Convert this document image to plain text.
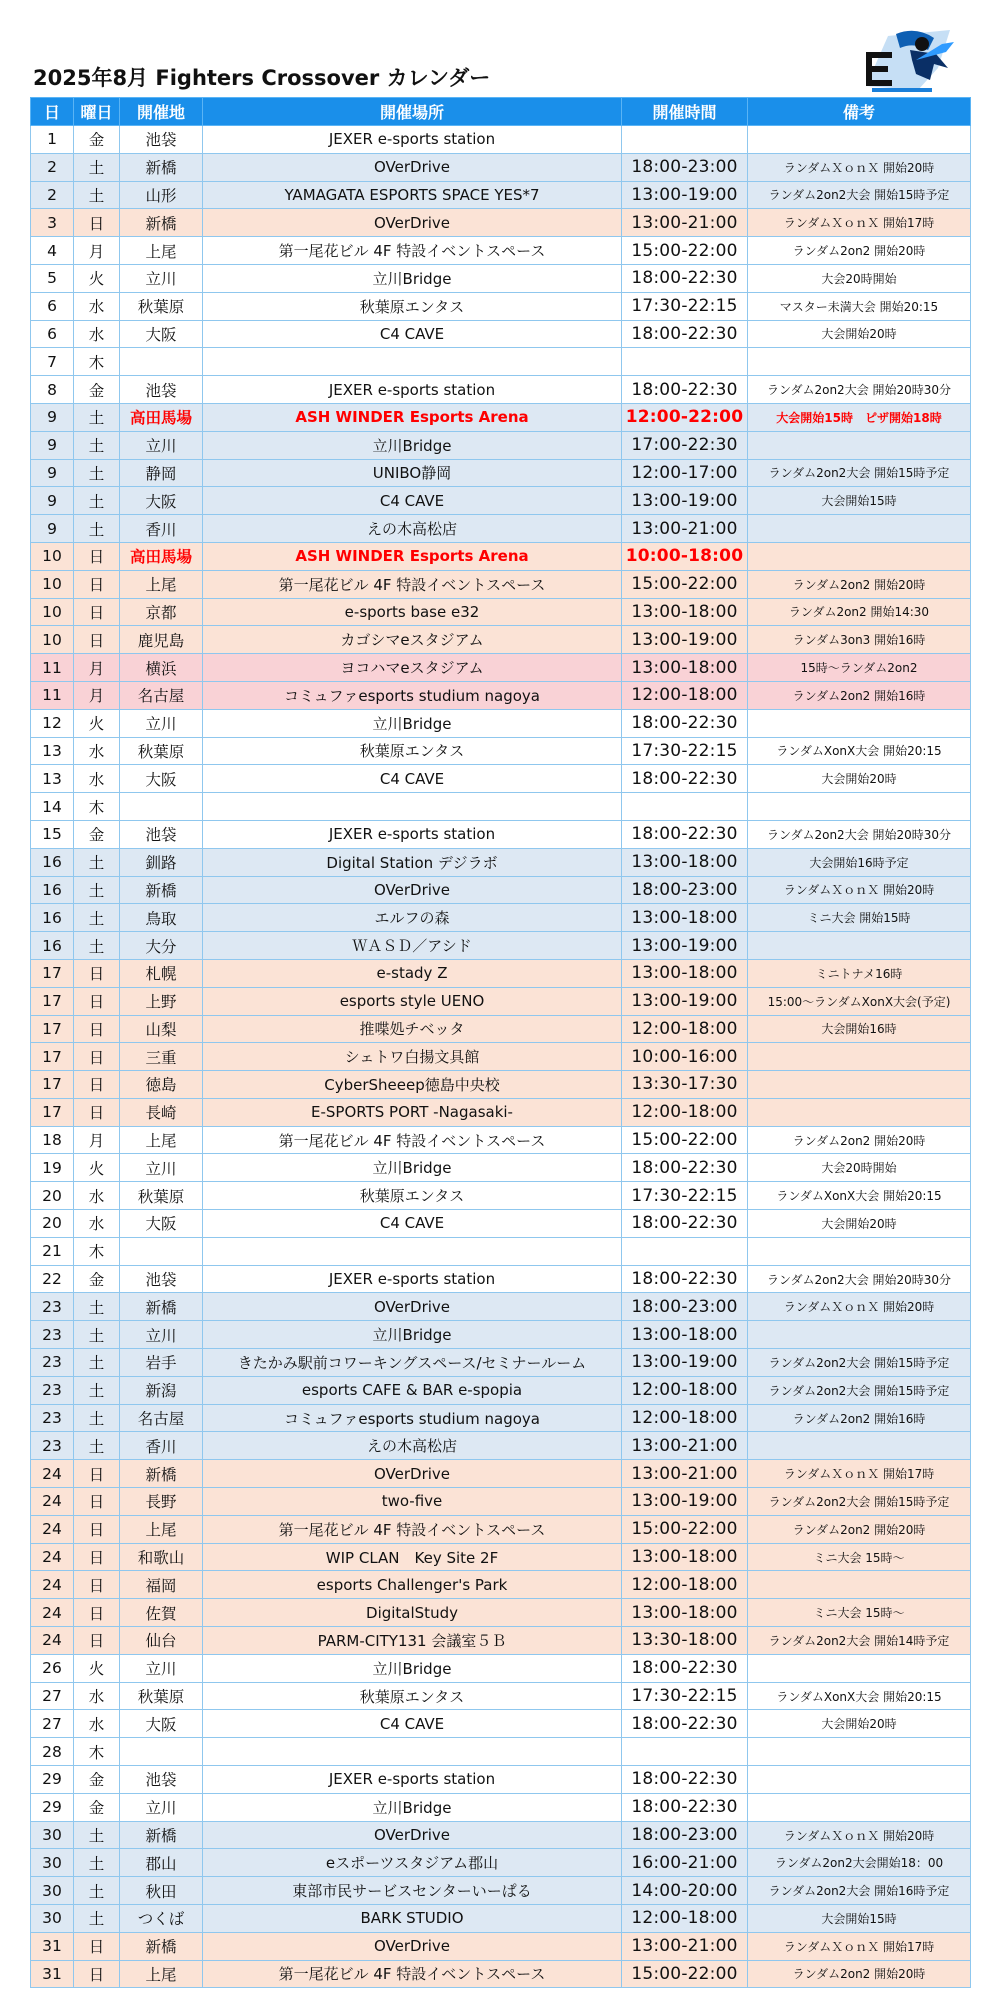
2025年8月 Fighters Crossover カレンダー
日	曜日	開催地	開催場所	開催時間	備考
1	金	池袋	JEXER e-sports station		
2	土	新橋	OVerDrive	18:00-23:00	ランダムＸｏｎＸ 開始20時
2	土	山形	YAMAGATA ESPORTS SPACE YES*7	13:00-19:00	ランダム2on2大会 開始15時予定
3	日	新橋	OVerDrive	13:00-21:00	ランダムＸｏｎＸ 開始17時
4	月	上尾	第一尾花ビル 4F 特設イベントスペース	15:00-22:00	ランダム2on2 開始20時
5	火	立川	立川Bridge	18:00-22:30	大会20時開始
6	水	秋葉原	秋葉原エンタス	17:30-22:15	マスター未満大会 開始20:15
6	水	大阪	C4 CAVE	18:00-22:30	大会開始20時
7	木				
8	金	池袋	JEXER e-sports station	18:00-22:30	ランダム2on2大会 開始20時30分
9	土	高田馬場	ASH WINDER Esports Arena	12:00-22:00	大会開始15時　ピザ開始18時
9	土	立川	立川Bridge	17:00-22:30	
9	土	静岡	UNIBO静岡	12:00-17:00	ランダム2on2大会 開始15時予定
9	土	大阪	C4 CAVE	13:00-19:00	大会開始15時
9	土	香川	えの木高松店	13:00-21:00	
10	日	高田馬場	ASH WINDER Esports Arena	10:00-18:00	
10	日	上尾	第一尾花ビル 4F 特設イベントスペース	15:00-22:00	ランダム2on2 開始20時
10	日	京都	e-sports base e32	13:00-18:00	ランダム2on2 開始14:30
10	日	鹿児島	カゴシマeスタジアム	13:00-19:00	ランダム3on3 開始16時
11	月	横浜	ヨコハマeスタジアム	13:00-18:00	15時～ランダム2on2
11	月	名古屋	コミュファesports studium nagoya	12:00-18:00	ランダム2on2 開始16時
12	火	立川	立川Bridge	18:00-22:30	
13	水	秋葉原	秋葉原エンタス	17:30-22:15	ランダムXonX大会 開始20:15
13	水	大阪	C4 CAVE	18:00-22:30	大会開始20時
14	木				
15	金	池袋	JEXER e-sports station	18:00-22:30	ランダム2on2大会 開始20時30分
16	土	釧路	Digital Station デジラボ	13:00-18:00	大会開始16時予定
16	土	新橋	OVerDrive	18:00-23:00	ランダムＸｏｎＸ 開始20時
16	土	鳥取	エルフの森	13:00-18:00	ミニ大会 開始15時
16	土	大分	ＷＡＳＤ／アシド	13:00-19:00	
17	日	札幌	e-stady Z	13:00-18:00	ミニトナメ16時
17	日	上野	esports style UENO	13:00-19:00	15:00～ランダムXonX大会(予定)
17	日	山梨	推喋処チベッタ	12:00-18:00	大会開始16時
17	日	三重	シェトワ白揚文具館	10:00-16:00	
17	日	徳島	CyberSheeep徳島中央校	13:30-17:30	
17	日	長崎	E-SPORTS PORT -Nagasaki-	12:00-18:00	
18	月	上尾	第一尾花ビル 4F 特設イベントスペース	15:00-22:00	ランダム2on2 開始20時
19	火	立川	立川Bridge	18:00-22:30	大会20時開始
20	水	秋葉原	秋葉原エンタス	17:30-22:15	ランダムXonX大会 開始20:15
20	水	大阪	C4 CAVE	18:00-22:30	大会開始20時
21	木				
22	金	池袋	JEXER e-sports station	18:00-22:30	ランダム2on2大会 開始20時30分
23	土	新橋	OVerDrive	18:00-23:00	ランダムＸｏｎＸ 開始20時
23	土	立川	立川Bridge	13:00-18:00	
23	土	岩手	きたかみ駅前コワーキングスペース/セミナールーム	13:00-19:00	ランダム2on2大会 開始15時予定
23	土	新潟	esports CAFE & BAR e-spopia	12:00-18:00	ランダム2on2大会 開始15時予定
23	土	名古屋	コミュファesports studium nagoya	12:00-18:00	ランダム2on2 開始16時
23	土	香川	えの木高松店	13:00-21:00	
24	日	新橋	OVerDrive	13:00-21:00	ランダムＸｏｎＸ 開始17時
24	日	長野	two-five	13:00-19:00	ランダム2on2大会 開始15時予定
24	日	上尾	第一尾花ビル 4F 特設イベントスペース	15:00-22:00	ランダム2on2 開始20時
24	日	和歌山	WIP CLAN　Key Site 2F	13:00-18:00	ミニ大会 15時～
24	日	福岡	esports Challenger's Park	12:00-18:00	
24	日	佐賀	DigitalStudy	13:00-18:00	ミニ大会 15時～
24	日	仙台	PARM-CITY131 会議室５Ｂ	13:30-18:00	ランダム2on2大会 開始14時予定
26	火	立川	立川Bridge	18:00-22:30	
27	水	秋葉原	秋葉原エンタス	17:30-22:15	ランダムXonX大会 開始20:15
27	水	大阪	C4 CAVE	18:00-22:30	大会開始20時
28	木				
29	金	池袋	JEXER e-sports station	18:00-22:30	
29	金	立川	立川Bridge	18:00-22:30	
30	土	新橋	OVerDrive	18:00-23:00	ランダムＸｏｎＸ 開始20時
30	土	郡山	eスポーツスタジアム郡山	16:00-21:00	ランダム2on2大会開始18：00
30	土	秋田	東部市民サービスセンターいーぱる	14:00-20:00	ランダム2on2大会 開始16時予定
30	土	つくば	BARK STUDIO	12:00-18:00	大会開始15時
31	日	新橋	OVerDrive	13:00-21:00	ランダムＸｏｎＸ 開始17時
31	日	上尾	第一尾花ビル 4F 特設イベントスペース	15:00-22:00	ランダム2on2 開始20時
